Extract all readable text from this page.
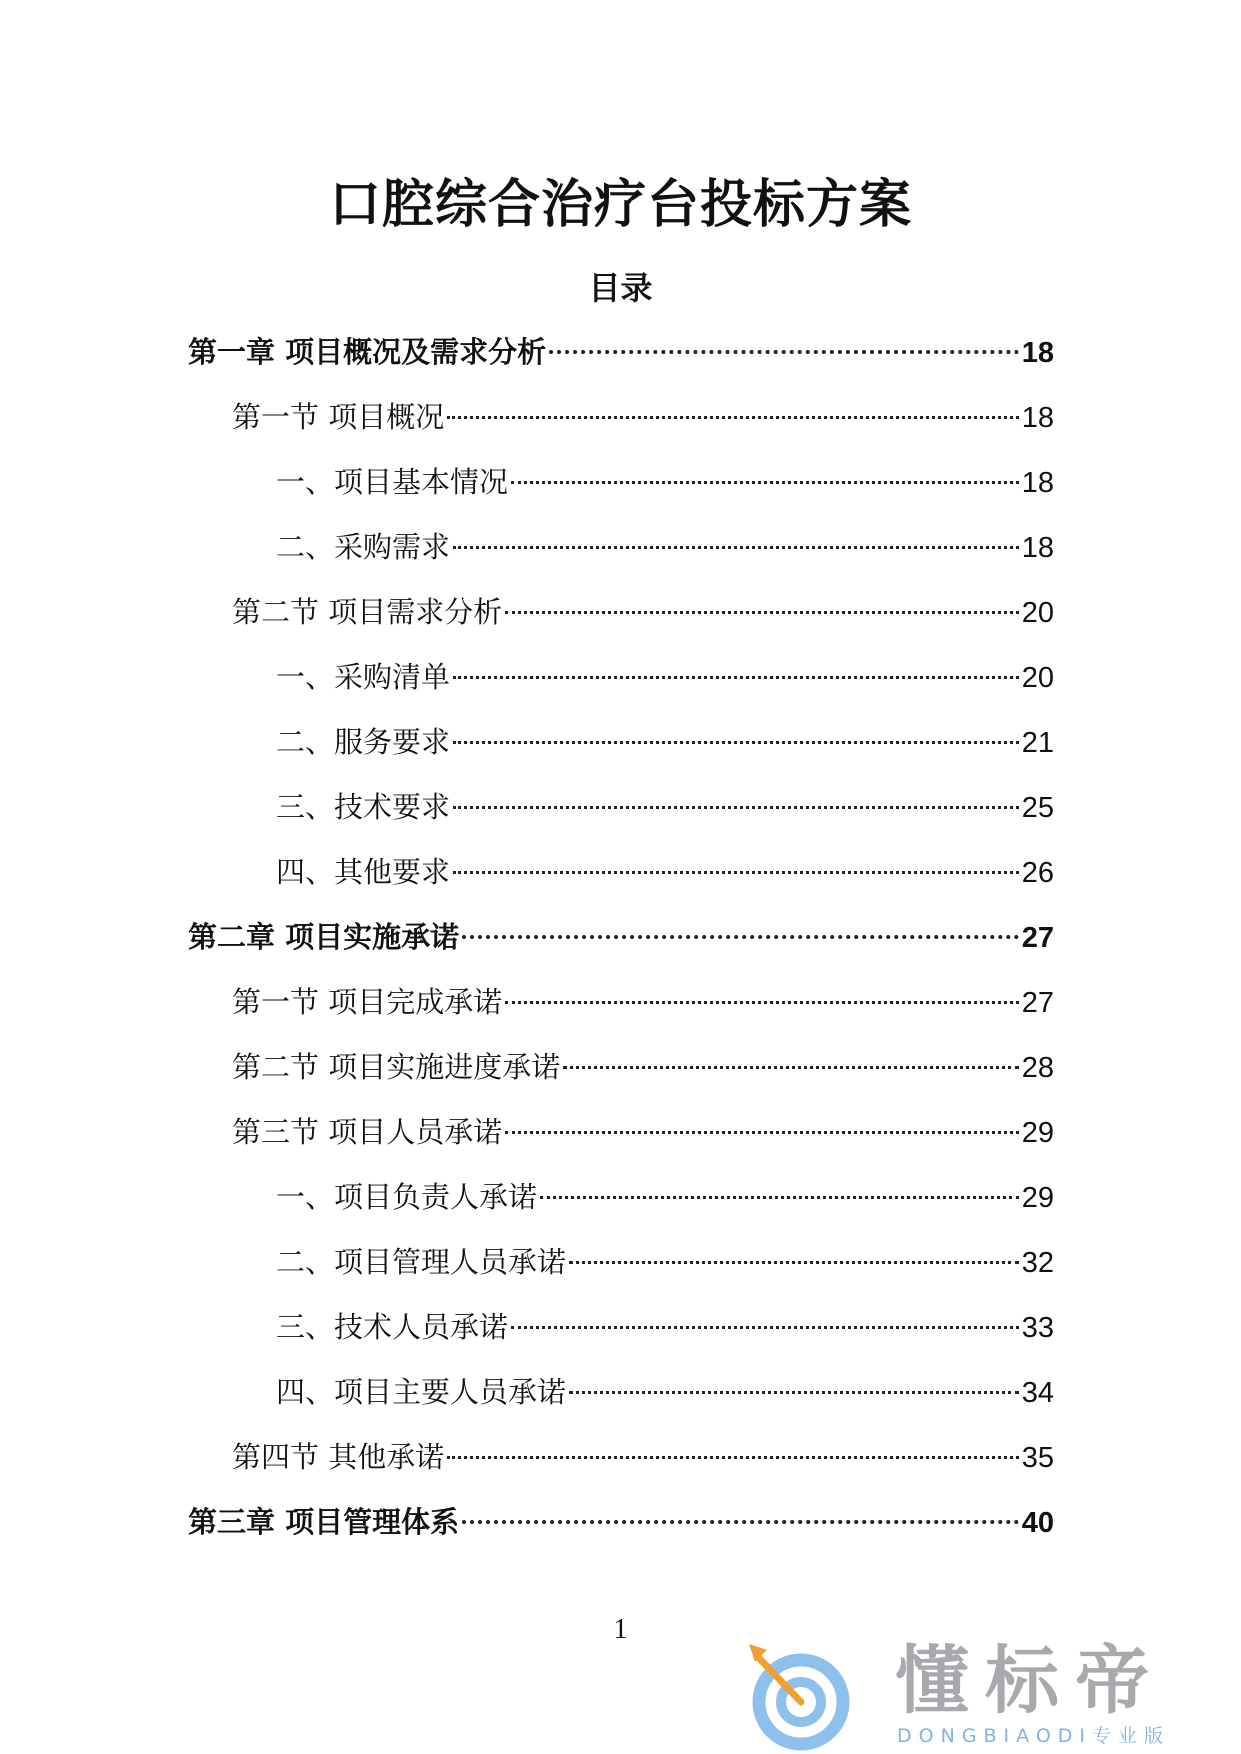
口腔综合治疗台投标方案
目录
第一章 项目概况及需求分析	18
第一节 项目概况	18
一、项目基本情况	18
二、采购需求	18
第二节 项目需求分析	20
一、采购清单	20
二、服务要求	21
三、技术要求	25
四、其他要求	26
第二章 项目实施承诺	27
第一节 项目完成承诺	27
第二节 项目实施进度承诺	28
第三节 项目人员承诺	29
一、项目负责人承诺	29
二、项目管理人员承诺	32
三、技术人员承诺	33
四、项目主要人员承诺	34
第四节 其他承诺	35
第三章 项目管理体系	40
1
懂标帝
DONGBIAODI专业版
